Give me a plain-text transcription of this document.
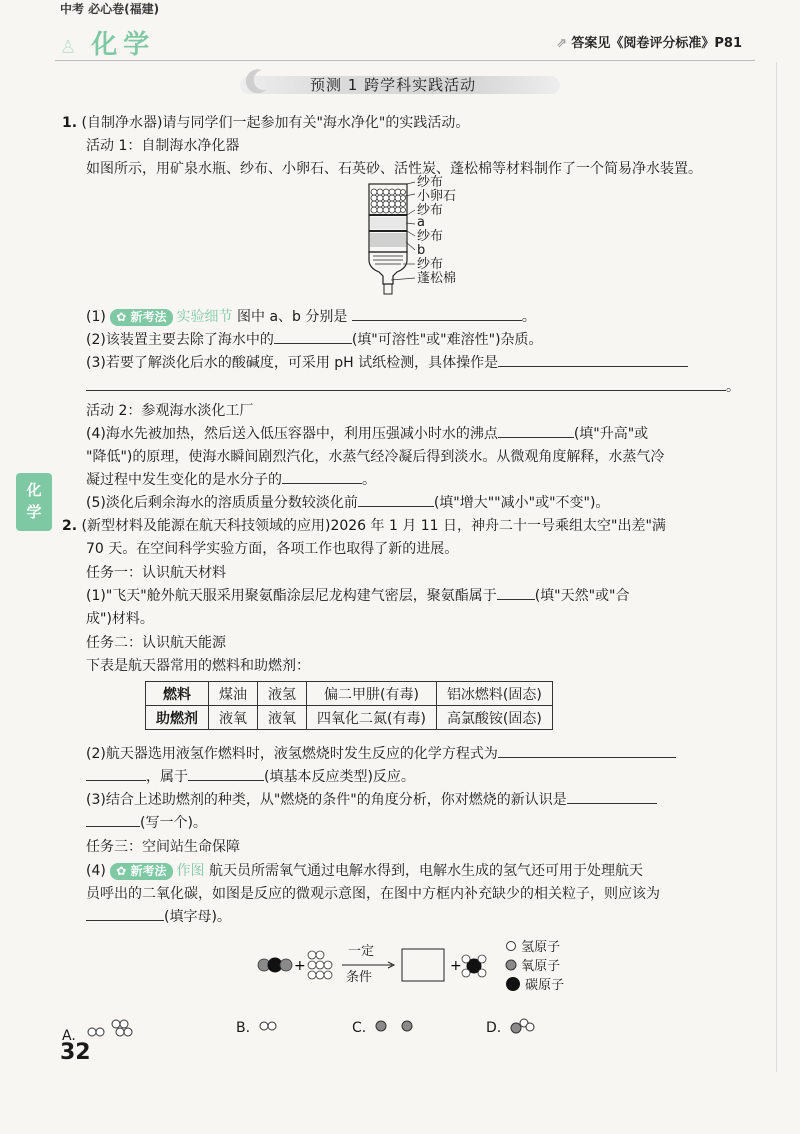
中考 必心卷(福建)
♙ 化学	⇗ 答案见《阅卷评分标准》P81
预测 1 跨学科实践活动
化
学
1. (自制净水器)请与同学们一起参加有关"海水净化"的实践活动。
活动 1：自制海水净化器
如图所示，用矿泉水瓶、纱布、小卵石、石英砂、活性炭、蓬松棉等材料制作了一个简易净水装置。
纱布
小卵石
纱布
a
纱布
b
纱布
蓬松棉
(1) ✿ 新考法 实验细节 图中 a、b 分别是	。
(2)该装置主要去除了海水中的	(填"可溶性"或"难溶性")杂质。
(3)若要了解淡化后水的酸碱度，可采用 pH 试纸检测，具体操作是
。
活动 2：参观海水淡化工厂
(4)海水先被加热，然后送入低压容器中，利用压强减小时水的沸点	(填"升高"或
"降低")的原理，使海水瞬间剧烈汽化，水蒸气经冷凝后得到淡水。从微观角度解释，水蒸气冷
凝过程中发生变化的是水分子的	。
(5)淡化后剩余海水的溶质质量分数较淡化前	(填"增大""减小"或"不变")。
2. (新型材料及能源在航天科技领域的应用)2026 年 1 月 11 日，神舟二十一号乘组太空"出差"满
70 天。在空间科学实验方面，各项工作也取得了新的进展。
任务一：认识航天材料
(1)"飞天"舱外航天服采用聚氨酯涂层尼龙构建气密层，聚氨酯属于	(填"天然"或"合
成")材料。
任务二：认识航天能源
下表是航天器常用的燃料和助燃剂：
燃料	煤油	液氢	偏二甲肼(有毒)	铝冰燃料(固态)
助燃剂	液氧	液氧	四氧化二氮(有毒)	高氯酸铵(固态)
(2)航天器选用液氢作燃料时，液氢燃烧时发生反应的化学方程式为
，属于	(填基本反应类型)反应。
(3)结合上述助燃剂的种类，从"燃烧的条件"的角度分析，你对燃烧的新认识是
(写一个)。
任务三：空间站生命保障
(4) ✿ 新考法 作图 航天员所需氧气通过电解水得到，电解水生成的氢气还可用于处理航天
员呼出的二氧化碳，如图是反应的微观示意图，在图中方框内补充缺少的相关粒子，则应该为
(填字母)。
+	+
一定
条件
氢原子
氧原子
碳原子
A.	B.	C.	D.
32
